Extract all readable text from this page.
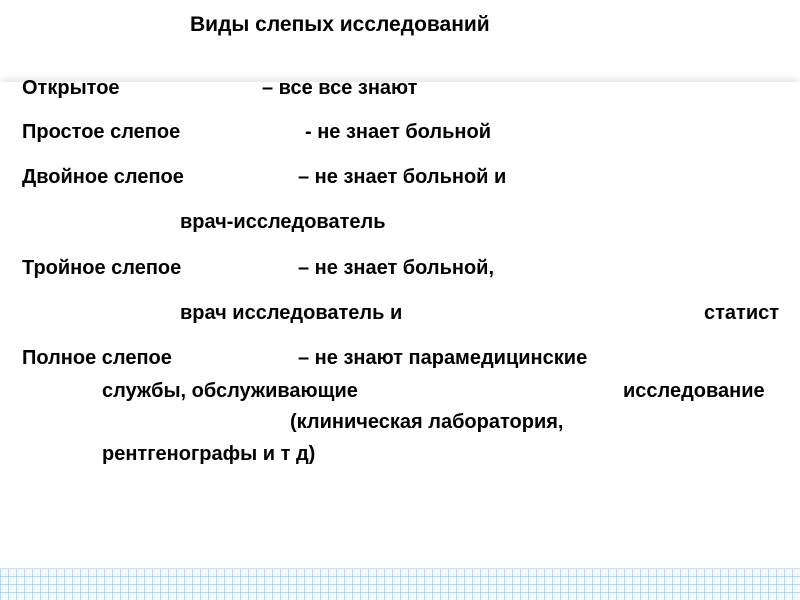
Виды слепых исследований
Открытое	– все все знают
Простое слепое	- не знает больной
Двойное слепое	– не знает больной и
врач-исследователь
Тройное слепое	– не знает больной,
врач исследователь и	статист
Полное слепое	– не знают парамедицинские
службы, обслуживающие	исследование
(клиническая лаборатория,
рентгенографы и т д)
